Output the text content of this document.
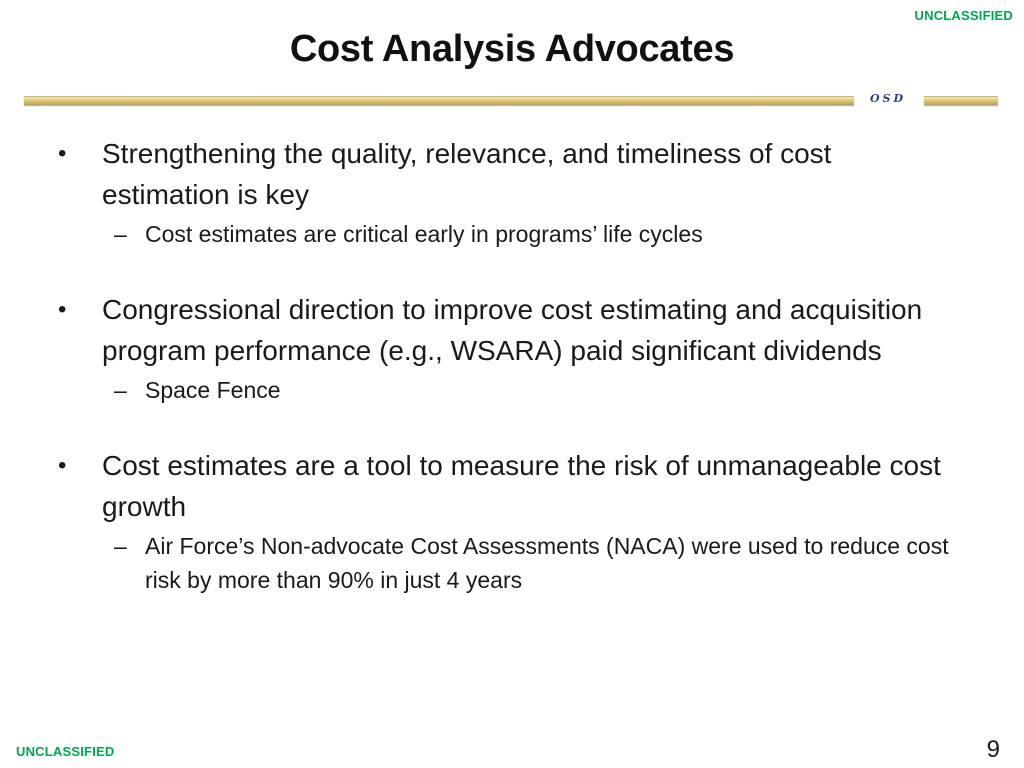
UNCLASSIFIED
Cost Analysis Advocates
OSD
•	Strengthening the quality, relevance, and timeliness of cost estimation is key
– Cost estimates are critical early in programs’ life cycles
•	Congressional direction to improve cost estimating and acquisition program performance (e.g., WSARA) paid significant dividends
– Space Fence
•	Cost estimates are a tool to measure the risk of unmanageable cost growth
– Air Force’s Non-advocate Cost Assessments (NACA) were used to reduce cost risk by more than 90% in just 4 years
UNCLASSIFIED	9
